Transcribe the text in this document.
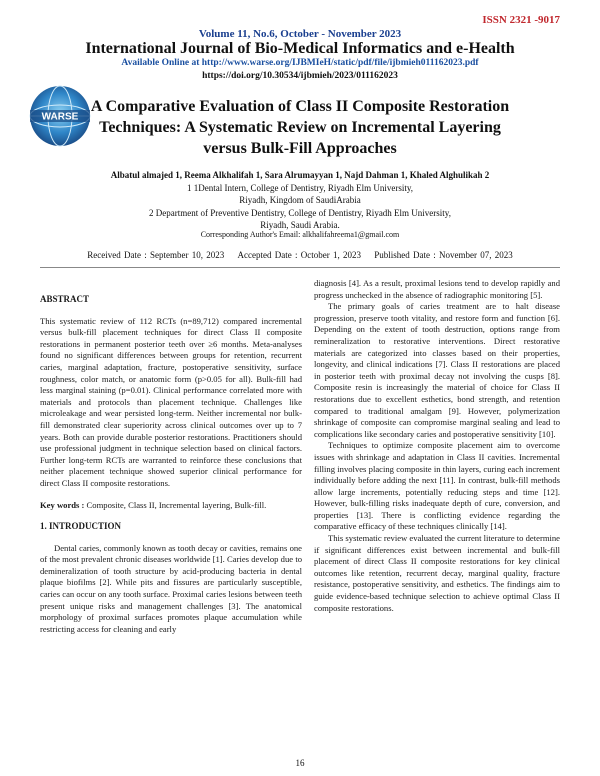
ISSN 2321 -9017
Volume 11, No.6, October - November 2023
International Journal of Bio-Medical Informatics and e-Health
Available Online at http://www.warse.org/IJBMIeH/static/pdf/file/ijbmieh011162023.pdf
https://doi.org/10.30534/ijbmieh/2023/011162023
WARSE
A Comparative Evaluation of Class II Composite Restoration Techniques: A Systematic Review on Incremental Layering versus Bulk-Fill Approaches
Albatul almajed 1, Reema Alkhalifah 1, Sara Alrumayyan 1, Najd Dahman 1, Khaled Alghulikah 2
1 1Dental Intern, College of Dentistry, Riyadh Elm University,
Riyadh, Kingdom of SaudiArabia
2 Department of Preventive Dentistry, College of Dentistry, Riyadh Elm University,
Riyadh, Saudi Arabia.
Corresponding Author's Email: alkhalifahreema1@gmail.com
Received Date : September 10, 2023 Accepted Date : October 1, 2023 Published Date : November 07, 2023

ABSTRACT

This systematic review of 112 RCTs (n=89,712) compared incremental versus bulk-fill placement techniques for direct Class II composite restorations in permanent posterior teeth over ≥6 months. Meta-analyses found no significant differences between groups for retention, recurrent caries, marginal adaptation, fracture, postoperative sensitivity, surface roughness, color match, or anatomic form (p>0.05 for all). Bulk-fill had less marginal staining (p=0.01). Clinical performance correlated more with materials and protocols than placement technique. Challenges like microleakage and wear persisted long-term. Neither incremental nor bulk-fill demonstrated clear superiority across clinical outcomes over up to 7 years. Both can provide durable posterior restorations. Practitioners should use professional judgment in technique selection based on clinical factors. Further long-term RCTs are warranted to reinforce these conclusions that neither placement technique showed superior clinical performance for direct Class II composite restorations.

Key words : Composite, Class II, Incremental layering, Bulk-fill.

1. INTRODUCTION

Dental caries, commonly known as tooth decay or cavities, remains one of the most prevalent chronic diseases worldwide [1]. Caries develop due to demineralization of tooth structure by acid-producing bacteria in dental plaque biofilms [2]. While pits and fissures are particularly susceptible, caries can occur on any tooth surface. Proximal caries lesions between teeth present unique risks and management challenges [3]. The anatomical morphology of proximal surfaces promotes plaque accumulation while restricting access for cleaning and early

diagnosis [4]. As a result, proximal lesions tend to develop rapidly and progress unchecked in the absence of radiographic monitoring [5].

The primary goals of caries treatment are to halt disease progression, preserve tooth vitality, and restore form and function [6]. Depending on the extent of tooth destruction, options range from remineralization to restorative interventions. Direct restorative materials are categorized into classes based on their properties, longevity, and clinical indications [7]. Class II restorations are placed in posterior teeth with proximal decay not involving the cusps [8]. Composite resin is increasingly the material of choice for Class II restorations due to excellent esthetics, bond strength, and retention compared to traditional amalgam [9]. However, polymerization shrinkage of composite can compromise marginal sealing and lead to complications like secondary caries and postoperative sensitivity [10].

Techniques to optimize composite placement aim to overcome issues with shrinkage and adaptation in Class II cavities. Incremental filling involves placing composite in thin layers, curing each increment individually before adding the next [11]. In contrast, bulk-fill methods allow large increments, potentially reducing steps and time [12]. However, bulk-filling risks inadequate depth of cure, conversion, and properties [13]. There is conflicting evidence regarding the comparative efficacy of these techniques clinically [14].

This systematic review evaluated the current literature to determine if significant differences exist between incremental and bulk-fill placement of direct Class II composite restorations for key clinical outcomes like retention, recurrent decay, marginal quality, fracture resistance, postoperative sensitivity, and esthetics. The findings aim to guide evidence-based technique selection to achieve optimal Class II composite restorations.

16
